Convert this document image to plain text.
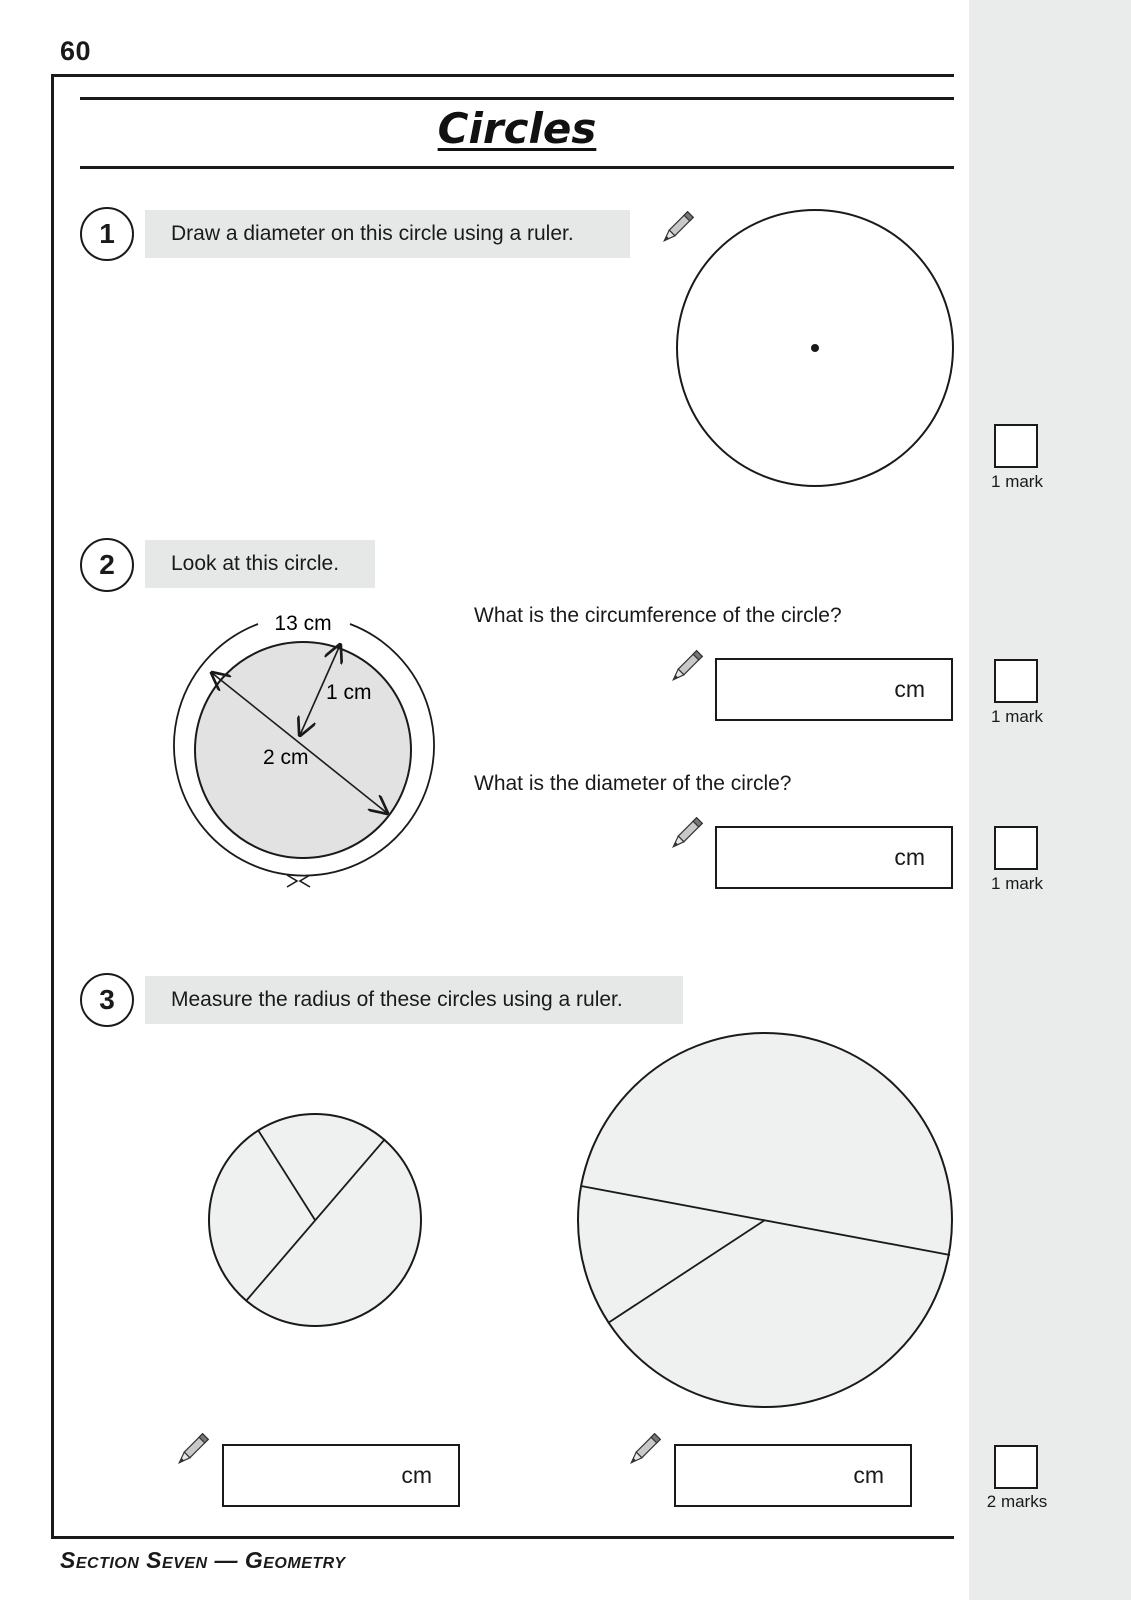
60
Circles
1	Draw a diameter on this circle using a ruler.
1 mark
2	Look at this circle.
13 cm
1 cm
2 cm
What is the circumference of the circle?
cm
1 mark
What is the diameter of the circle?
cm
1 mark
3	Measure the radius of these circles using a ruler.
cm	cm
2 marks
Section Seven — Geometry
